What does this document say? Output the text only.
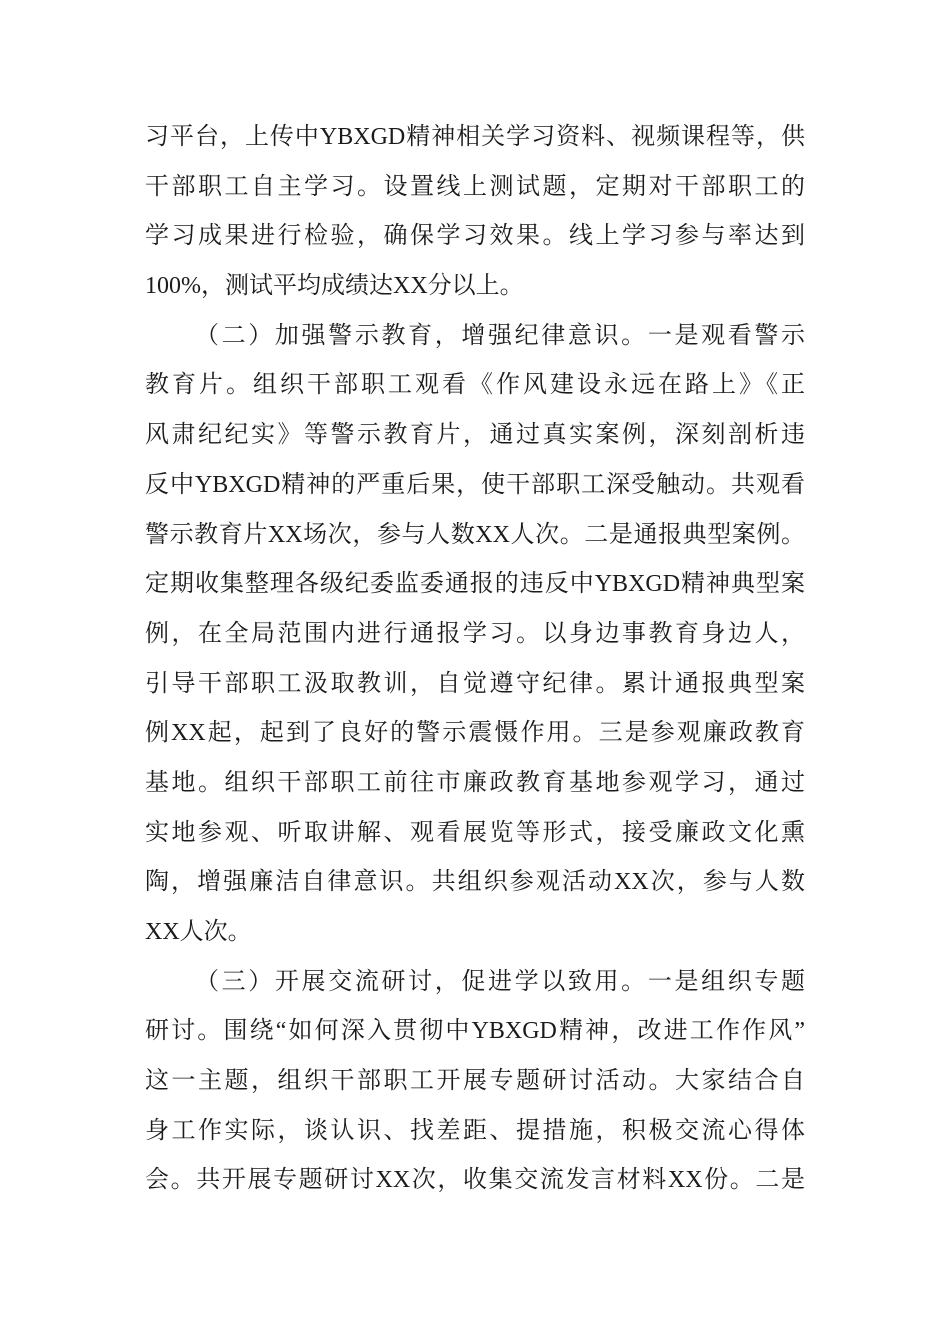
习平台，上传中YBXGD精神相关学习资料、视频课程等，供
干部职工自主学习。设置线上测试题，定期对干部职工的
学习成果进行检验，确保学习效果。线上学习参与率达到
100%，测试平均成绩达XX分以上。
（二）加强警示教育，增强纪律意识。一是观看警示
教育片。组织干部职工观看《作风建设永远在路上》《正
风肃纪纪实》等警示教育片，通过真实案例，深刻剖析违
反中YBXGD精神的严重后果，使干部职工深受触动。共观看
警示教育片XX场次，参与人数XX人次。二是通报典型案例。
定期收集整理各级纪委监委通报的违反中YBXGD精神典型案
例，在全局范围内进行通报学习。以身边事教育身边人，
引导干部职工汲取教训，自觉遵守纪律。累计通报典型案
例XX起，起到了良好的警示震慑作用。三是参观廉政教育
基地。组织干部职工前往市廉政教育基地参观学习，通过
实地参观、听取讲解、观看展览等形式，接受廉政文化熏
陶，增强廉洁自律意识。共组织参观活动XX次，参与人数
XX人次。
（三）开展交流研讨，促进学以致用。一是组织专题
研讨。围绕“如何深入贯彻中YBXGD精神，改进工作作风”
这一主题，组织干部职工开展专题研讨活动。大家结合自
身工作实际，谈认识、找差距、提措施，积极交流心得体
会。共开展专题研讨XX次，收集交流发言材料XX份。二是
